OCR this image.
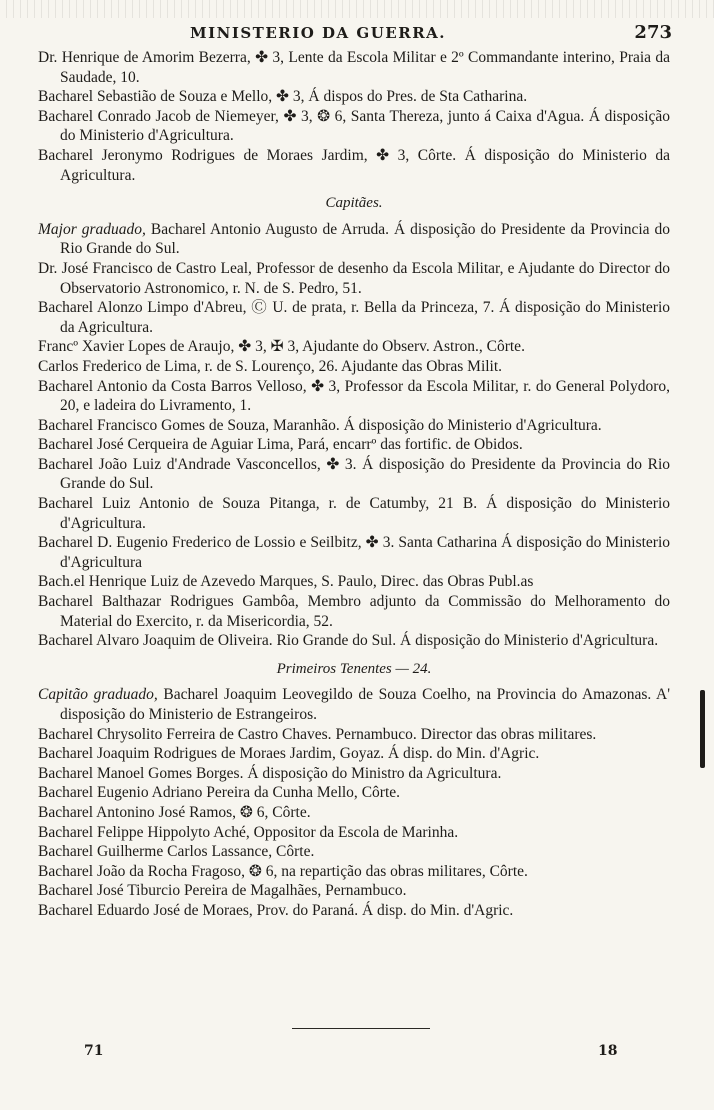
MINISTERIO DA GUERRA.	273
Dr. Henrique de Amorim Bezerra, ✤ 3, Lente da Escola Militar e 2º Commandante interino, Praia da Saudade, 10.
Bacharel Sebastião de Souza e Mello, ✤ 3, Á dispos do Pres. de Sta Catharina.
Bacharel Conrado Jacob de Niemeyer, ✤ 3, ❂ 6, Santa Thereza, junto á Caixa d'Agua. Á disposição do Ministerio d'Agricultura.
Bacharel Jeronymo Rodrigues de Moraes Jardim, ✤ 3, Côrte. Á disposição do Ministerio da Agricultura.
Capitães.
Major graduado, Bacharel Antonio Augusto de Arruda. Á disposição do Presidente da Provincia do Rio Grande do Sul.
Dr. José Francisco de Castro Leal, Professor de desenho da Escola Militar, e Ajudante do Director do Observatorio Astronomico, r. N. de S. Pedro, 51.
Bacharel Alonzo Limpo d'Abreu, Ⓒ U. de prata, r. Bella da Princeza, 7. Á disposição do Ministerio da Agricultura.
Francº Xavier Lopes de Araujo, ✤ 3, ✠ 3, Ajudante do Observ. Astron., Côrte.
Carlos Frederico de Lima, r. de S. Lourenço, 26. Ajudante das Obras Milit.
Bacharel Antonio da Costa Barros Velloso, ✤ 3, Professor da Escola Militar, r. do General Polydoro, 20, e ladeira do Livramento, 1.
Bacharel Francisco Gomes de Souza, Maranhão. Á disposição do Ministerio d'Agricultura.
Bacharel José Cerqueira de Aguiar Lima, Pará, encarrº das fortific. de Obidos.
Bacharel João Luiz d'Andrade Vasconcellos, ✤ 3. Á disposição do Presidente da Provincia do Rio Grande do Sul.
Bacharel Luiz Antonio de Souza Pitanga, r. de Catumby, 21 B. Á disposição do Ministerio d'Agricultura.
Bacharel D. Eugenio Frederico de Lossio e Seilbitz, ✤ 3. Santa Catharina Á disposição do Ministerio d'Agricultura
Bach.el Henrique Luiz de Azevedo Marques, S. Paulo, Direc. das Obras Publ.as
Bacharel Balthazar Rodrigues Gambôa, Membro adjunto da Commissão do Melhoramento do Material do Exercito, r. da Misericordia, 52.
Bacharel Alvaro Joaquim de Oliveira. Rio Grande do Sul. Á disposição do Ministerio d'Agricultura.
Primeiros Tenentes — 24.
Capitão graduado, Bacharel Joaquim Leovegildo de Souza Coelho, na Provincia do Amazonas. A' disposição do Ministerio de Estrangeiros.
Bacharel Chrysolito Ferreira de Castro Chaves. Pernambuco. Director das obras militares.
Bacharel Joaquim Rodrigues de Moraes Jardim, Goyaz. Á disp. do Min. d'Agric.
Bacharel Manoel Gomes Borges. Á disposição do Ministro da Agricultura.
Bacharel Eugenio Adriano Pereira da Cunha Mello, Côrte.
Bacharel Antonino José Ramos, ❂ 6, Côrte.
Bacharel Felippe Hippolyto Aché, Oppositor da Escola de Marinha.
Bacharel Guilherme Carlos Lassance, Côrte.
Bacharel João da Rocha Fragoso, ❂ 6, na repartição das obras militares, Côrte.
Bacharel José Tiburcio Pereira de Magalhães, Pernambuco.
Bacharel Eduardo José de Moraes, Prov. do Paraná. Á disp. do Min. d'Agric.
71	18
